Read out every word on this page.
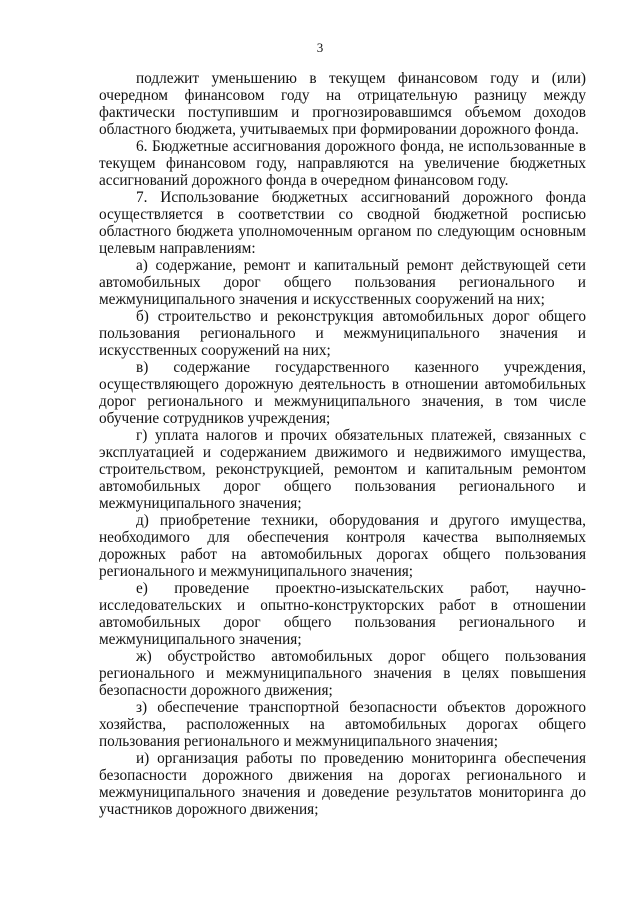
3

подлежит уменьшению в текущем финансовом году и (или) очередном финансовом году на отрицательную разницу между фактически поступившим и прогнозировавшимся объемом доходов областного бюджета, учитываемых при формировании дорожного фонда.

6. Бюджетные ассигнования дорожного фонда, не использованные в текущем финансовом году, направляются на увеличение бюджетных ассигнований дорожного фонда в очередном финансовом году.

7. Использование бюджетных ассигнований дорожного фонда осуществляется в соответствии со сводной бюджетной росписью областного бюджета уполномоченным органом по следующим основным целевым направлениям:

а) содержание, ремонт и капитальный ремонт действующей сети автомобильных дорог общего пользования регионального и межмуниципального значения и искусственных сооружений на них;

б) строительство и реконструкция автомобильных дорог общего пользования регионального и межмуниципального значения и искусственных сооружений на них;

в) содержание государственного казенного учреждения, осуществляющего дорожную деятельность в отношении автомобильных дорог регионального и межмуниципального значения, в том числе обучение сотрудников учреждения;

г) уплата налогов и прочих обязательных платежей, связанных с эксплуатацией и содержанием движимого и недвижимого имущества, строительством, реконструкцией, ремонтом и капитальным ремонтом автомобильных дорог общего пользования регионального и межмуниципального значения;

д) приобретение техники, оборудования и другого имущества, необходимого для обеспечения контроля качества выполняемых дорожных работ на автомобильных дорогах общего пользования регионального и межмуниципального значения;

е) проведение проектно-изыскательских работ, научно-исследовательских и опытно-конструкторских работ в отношении автомобильных дорог общего пользования регионального и межмуниципального значения;

ж) обустройство автомобильных дорог общего пользования регионального и межмуниципального значения в целях повышения безопасности дорожного движения;

з) обеспечение транспортной безопасности объектов дорожного хозяйства, расположенных на автомобильных дорогах общего пользования регионального и межмуниципального значения;

и) организация работы по проведению мониторинга обеспечения безопасности дорожного движения на дорогах регионального и межмуниципального значения и доведение результатов мониторинга до участников дорожного движения;
